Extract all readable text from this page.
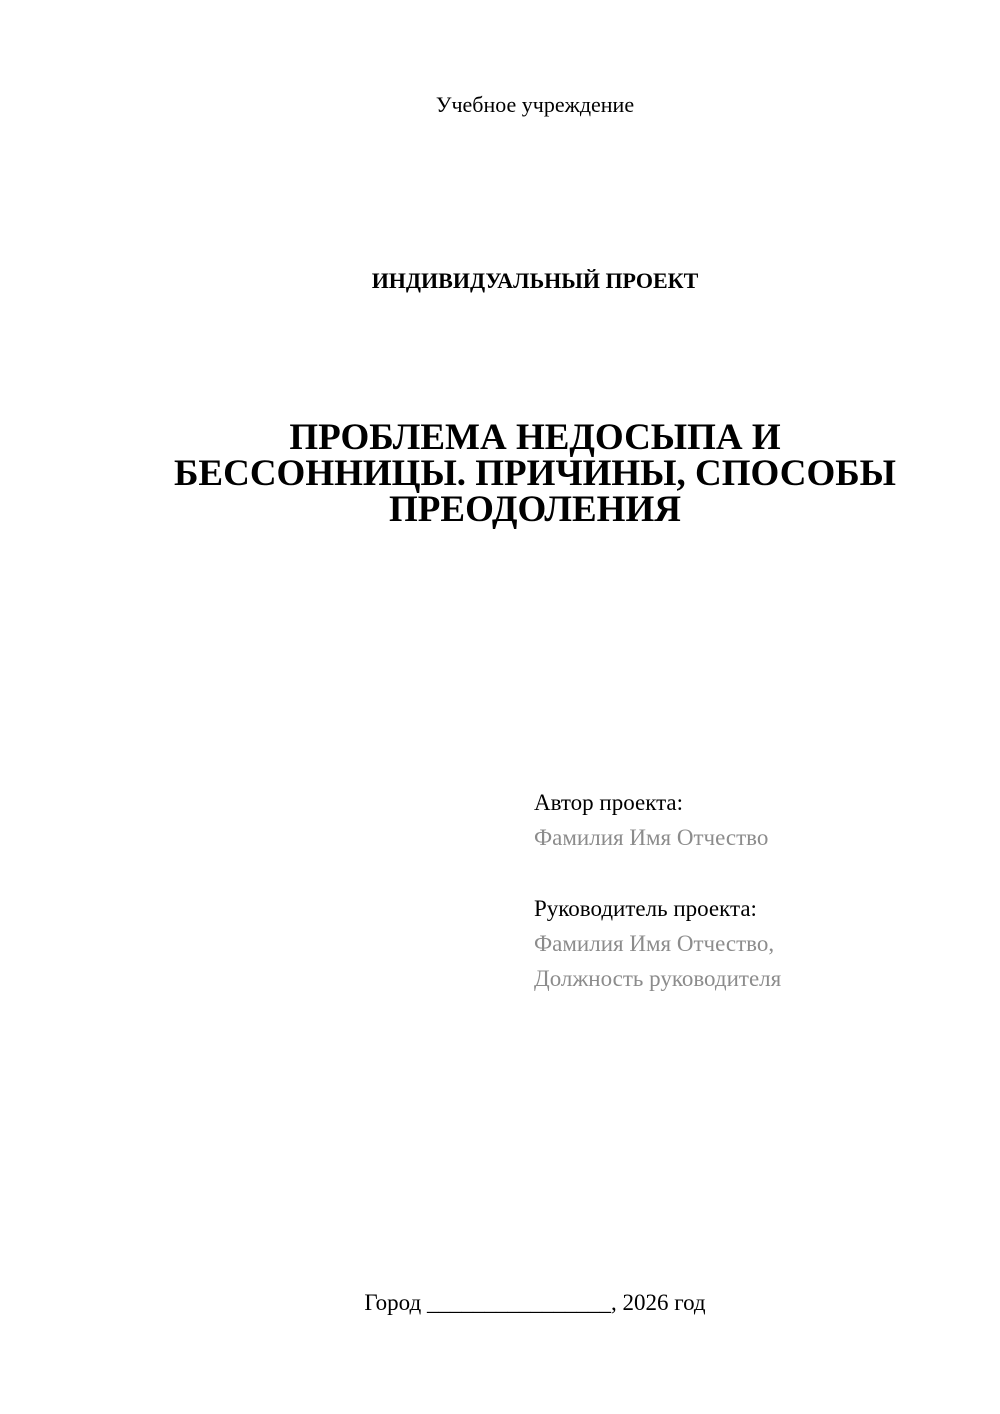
Учебное учреждение
ИНДИВИДУАЛЬНЫЙ ПРОЕКТ
ПРОБЛЕМА НЕДОСЫПА И
БЕССОННИЦЫ. ПРИЧИНЫ, СПОСОБЫ
ПРЕОДОЛЕНИЯ
Автор проекта:
Фамилия Имя Отчество
Руководитель проекта:
Фамилия Имя Отчество,
Должность руководителя
Город ________________, 2026 год
